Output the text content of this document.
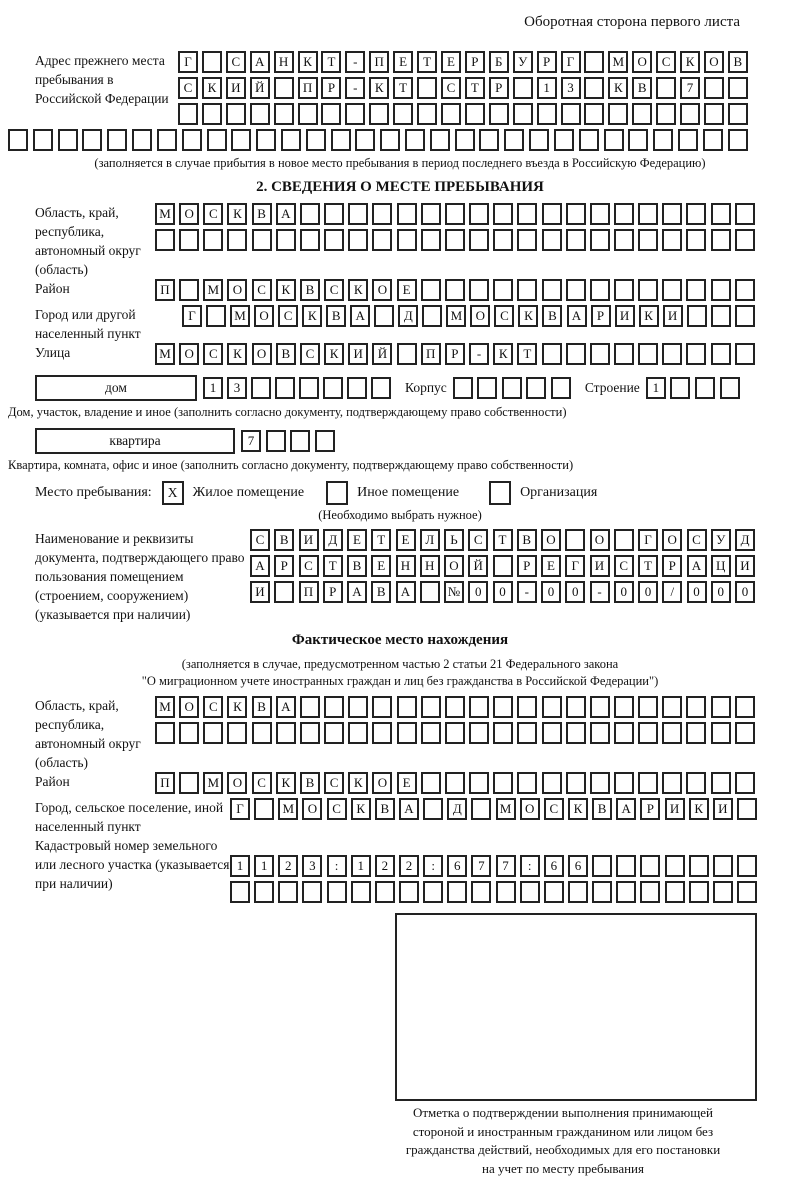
Оборотная сторона первого листа
Адрес прежнего места пребывания в Российской Федерации
Г	С	А	Н	К	Т	-	П	Е	Т	Е	Р	Б	У	Р	Г	М	О	С	К	О	В
С	К	И	Й	П	Р	-	К	Т	С	Т	Р	1	3	К	В	7
(заполняется в случае прибытия в новое место пребывания в период последнего въезда в Российскую Федерацию)
2. СВЕДЕНИЯ О МЕСТЕ ПРЕБЫВАНИЯ
Область, край, республика, автономный округ (область)
М	О	С	К	В	А
Район	П	М	О	С	К	В	С	К	О	Е
Город или другой населенный пункт
Г	М	О	С	К	В	А	Д	М	О	С	К	В	А	Р	И	К	И
Улица	М	О	С	К	О	В	С	К	И	Й	П	Р	-	К	Т
дом	1	3	Корпус	Строение 1
Дом, участок, владение и иное (заполнить согласно документу, подтверждающему право собственности)
квартира	7
Квартира, комната, офис и иное (заполнить согласно документу, подтверждающему право собственности)
Место пребывания:	X	Жилое помещение	Иное помещение	Организация
(Необходимо выбрать нужное)
Наименование и реквизиты документа, подтверждающего право пользования помещением (строением, сооружением) (указывается при наличии)
С	В	И	Д	Е	Т	Е	Л	Ь	С	Т	В	О	О	Г	О	С	У	Д
А	Р	С	Т	В	Е	Н	Н	О	Й	Р	Е	Г	И	С	Т	Р	А	Ц	И
И	П	Р	А	В	А	№	0	0	-	0	0	-	0	0	/	0	0	0
Фактическое место нахождения
(заполняется в случае, предусмотренном частью 2 статьи 21 Федерального закона
"О миграционном учете иностранных граждан и лиц без гражданства в Российской Федерации")
Область, край, республика, автономный округ (область)
М	О	С	К	В	А
Район	П	М	О	С	К	В	С	К	О	Е
Город, сельское поселение, иной населенный пункт
Г	М	О	С	К	В	А	Д	М	О	С	К	В	А	Р	И	К	И
Кадастровый номер земельного или лесного участка (указывается при наличии)
1	1	2	3	:	1	2	2	:	6	7	7	:	6	6
Отметка о подтверждении выполнения принимающей
стороной и иностранным гражданином или лицом без
гражданства действий, необходимых для его постановки
на учет по месту пребывания
